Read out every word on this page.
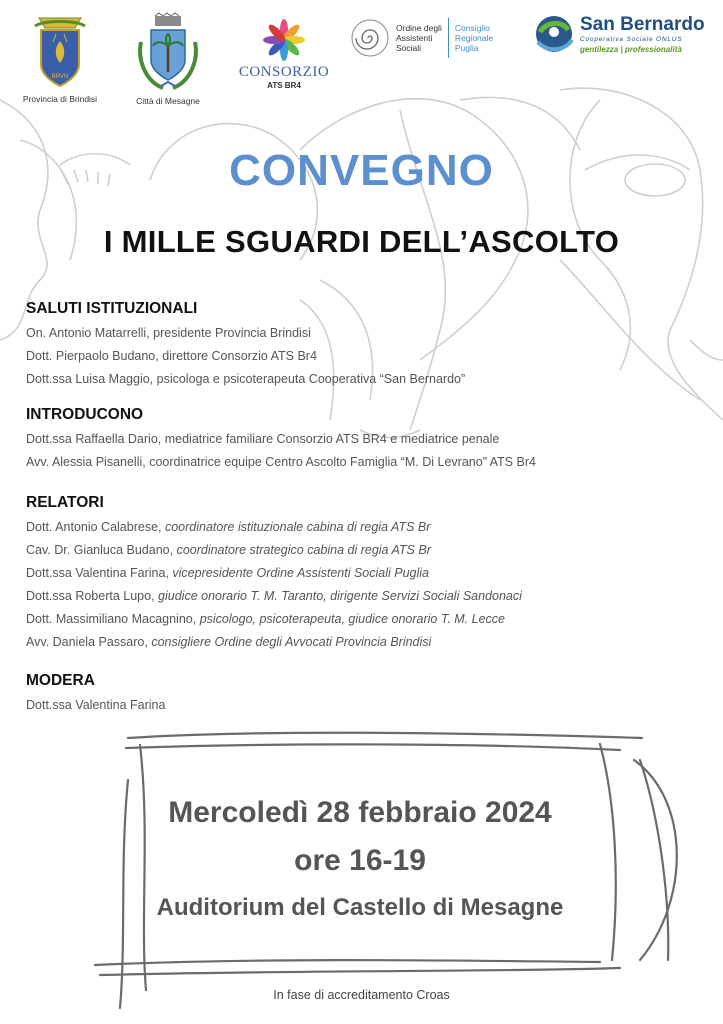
BRVN
Provincia di Brindisi	Città di Mesagne
CONSORZIO
ATS BR4
Ordine degli
Assistenti
Sociali
Consiglio
Regionale
Puglia
San Bernardo
Cooperativa Sociale ONLUS
gentilezza | professionalità
CONVEGNO
I MILLE SGUARDI DELL’ASCOLTO
SALUTI ISTITUZIONALI
On. Antonio Matarrelli, presidente Provincia Brindisi
Dott. Pierpaolo Budano, direttore Consorzio ATS Br4
Dott.ssa Luisa Maggio, psicologa e psicoterapeuta Cooperativa “San Bernardo”
INTRODUCONO
Dott.ssa Raffaella Dario, mediatrice familiare Consorzio ATS BR4 e mediatrice penale
Avv. Alessia Pisanelli, coordinatrice equipe Centro Ascolto Famiglia “M. Di Levrano” ATS Br4
RELATORI
Dott. Antonio Calabrese, coordinatore istituzionale cabina di regia ATS Br
Cav. Dr. Gianluca Budano, coordinatore strategico cabina di regia ATS Br
Dott.ssa Valentina Farina, vicepresidente Ordine Assistenti Sociali Puglia
Dott.ssa Roberta Lupo, giudice onorario T. M. Taranto, dirigente Servizi Sociali Sandonaci
Dott. Massimiliano Macagnino, psicologo, psicoterapeuta, giudice onorario T. M. Lecce
Avv. Daniela Passaro, consigliere Ordine degli Avvocati Provincia Brindisi
MODERA
Dott.ssa Valentina Farina
Mercoledì 28 febbraio 2024
ore 16-19
Auditorium del Castello di Mesagne
In fase di accreditamento Croas
